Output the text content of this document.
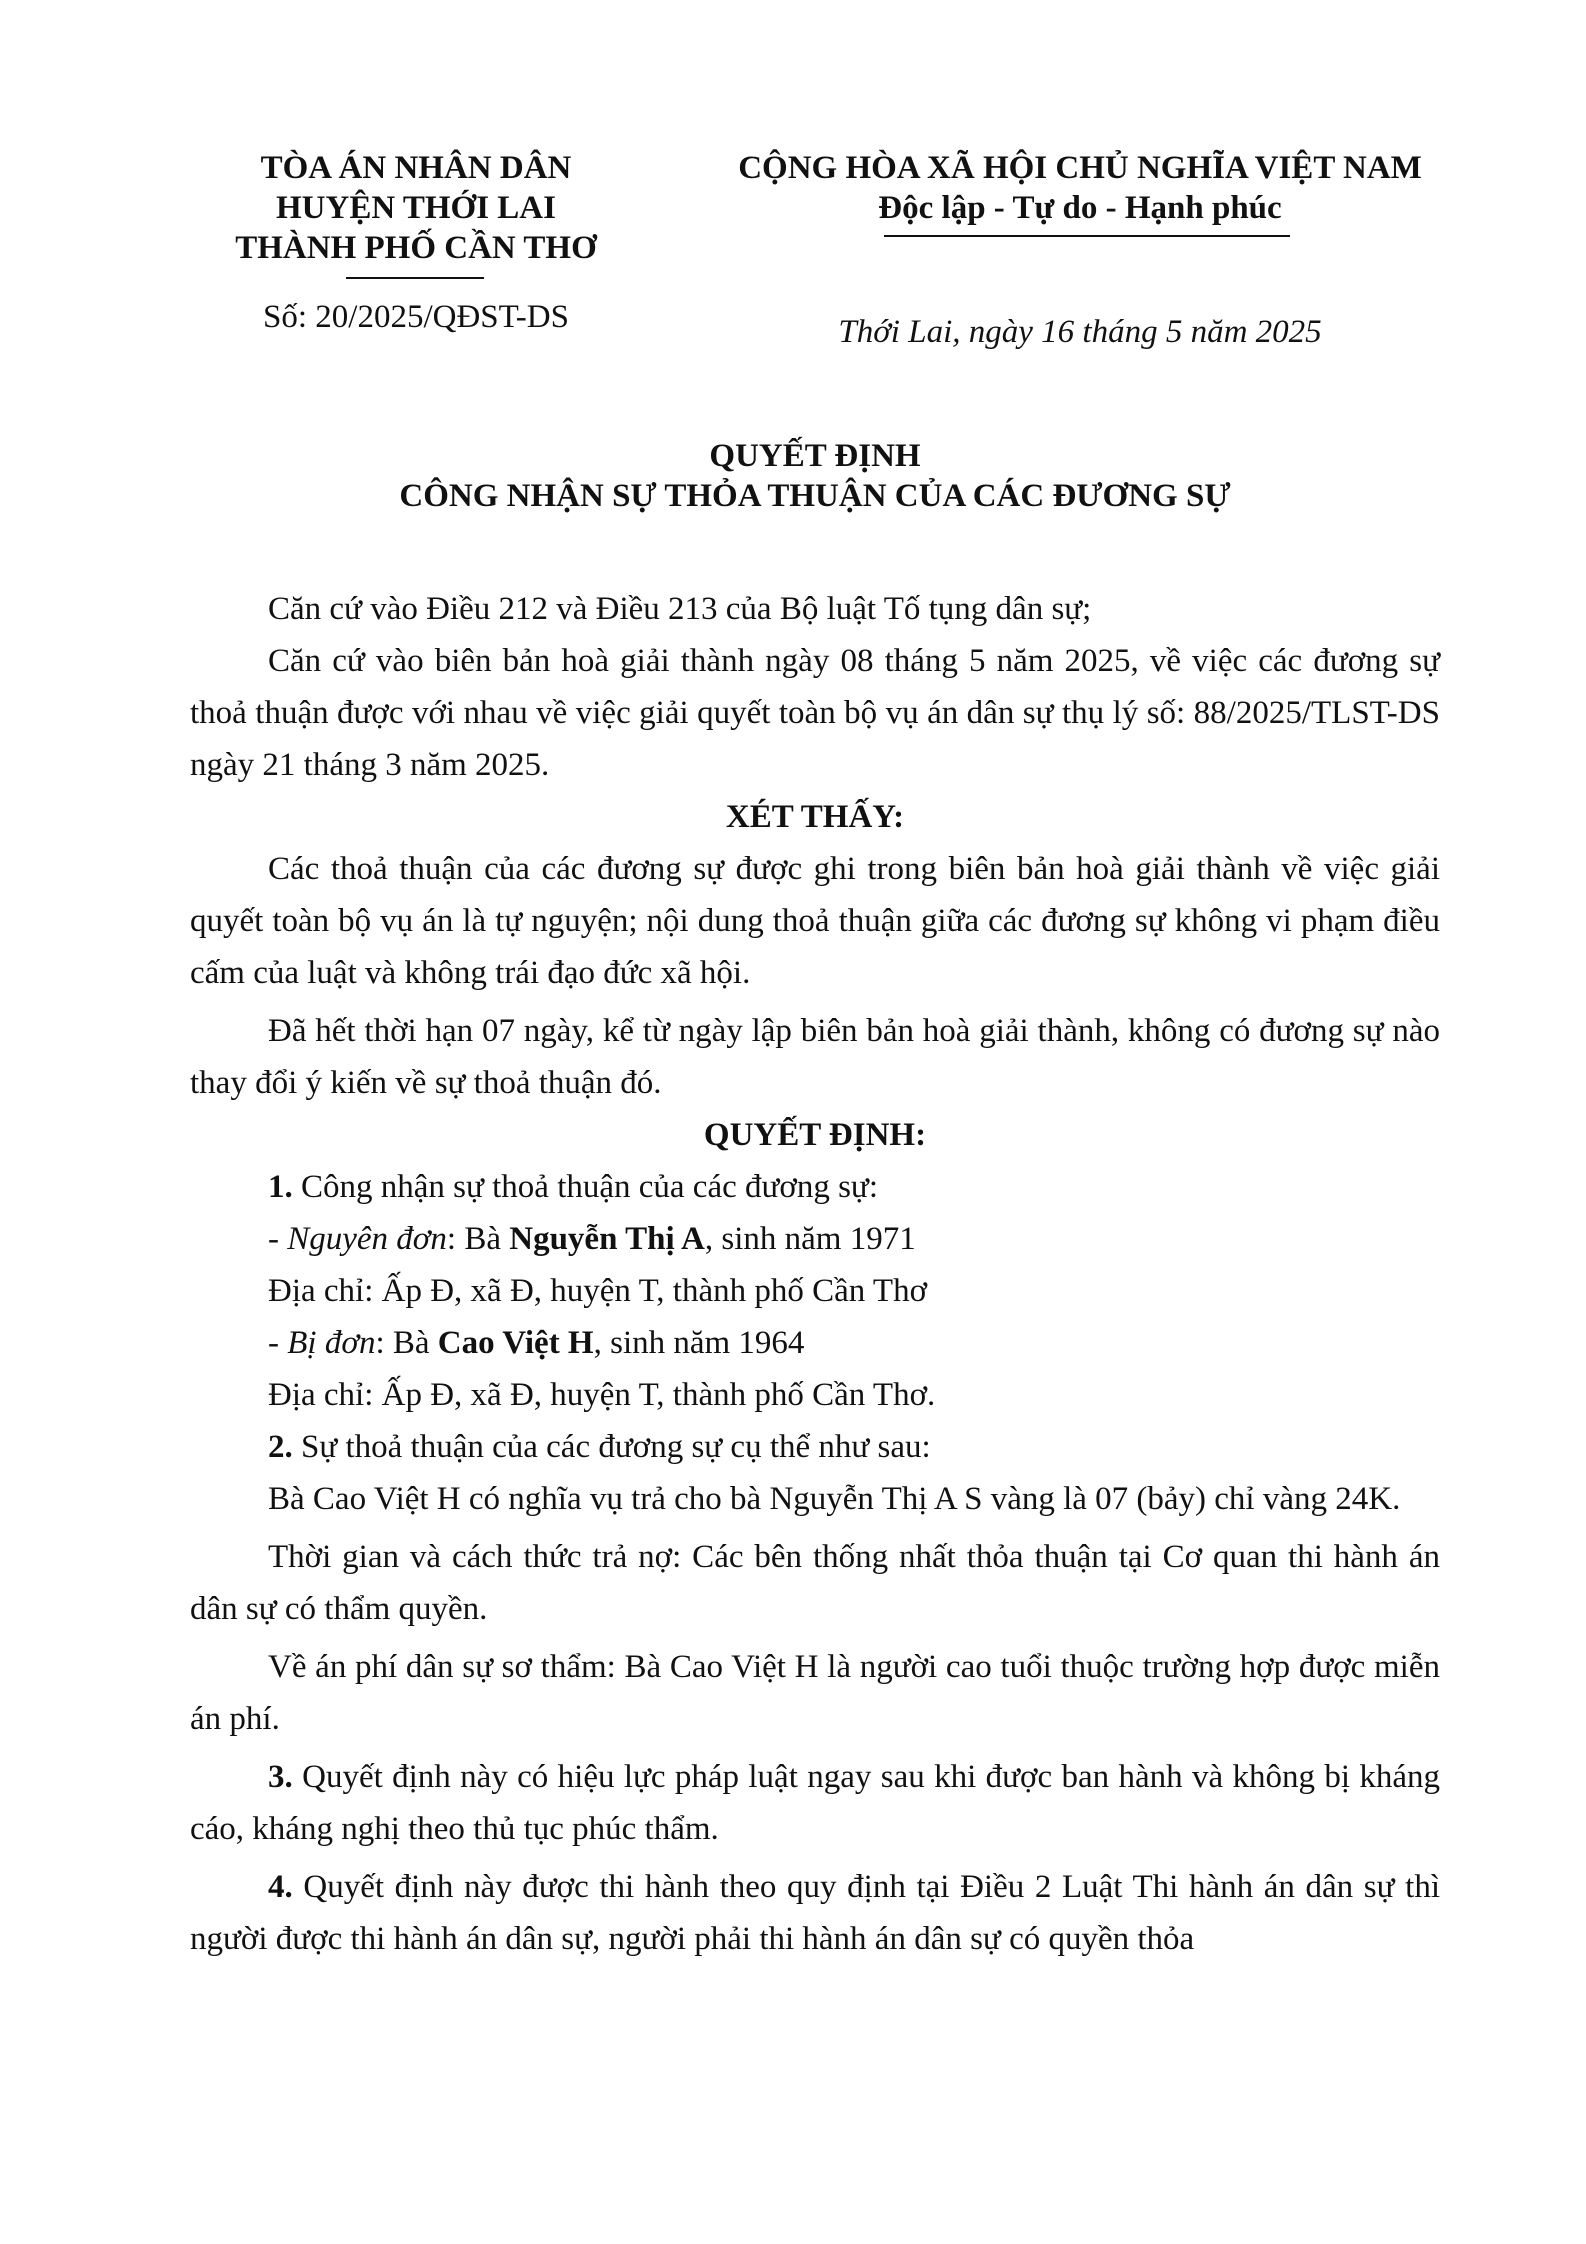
TÒA ÁN NHÂN DÂN
HUYỆN THỚI LAI
THÀNH PHỐ CẦN THƠ
Số: 20/2025/QĐST-DS
CỘNG HÒA XÃ HỘI CHỦ NGHĨA VIỆT NAM
Độc lập - Tự do - Hạnh phúc
Thới Lai, ngày 16 tháng 5 năm 2025
QUYẾT ĐỊNH
CÔNG NHẬN SỰ THỎA THUẬN CỦA CÁC ĐƯƠNG SỰ

Căn cứ vào Điều 212 và Điều 213 của Bộ luật Tố tụng dân sự;

Căn cứ vào biên bản hoà giải thành ngày 08 tháng 5 năm 2025, về việc các đương sự thoả thuận được với nhau về việc giải quyết toàn bộ vụ án dân sự thụ lý số: 88/2025/TLST-DS ngày 21 tháng 3 năm 2025.

XÉT THẤY:

Các thoả thuận của các đương sự được ghi trong biên bản hoà giải thành về việc giải quyết toàn bộ vụ án là tự nguyện; nội dung thoả thuận giữa các đương sự không vi phạm điều cấm của luật và không trái đạo đức xã hội.

Đã hết thời hạn 07 ngày, kể từ ngày lập biên bản hoà giải thành, không có đương sự nào thay đổi ý kiến về sự thoả thuận đó.

QUYẾT ĐỊNH:

1. Công nhận sự thoả thuận của các đương sự:

- Nguyên đơn: Bà Nguyễn Thị A, sinh năm 1971

Địa chỉ: Ấp Đ, xã Đ, huyện T, thành phố Cần Thơ

- Bị đơn: Bà Cao Việt H, sinh năm 1964

Địa chỉ: Ấp Đ, xã Đ, huyện T, thành phố Cần Thơ.

2. Sự thoả thuận của các đương sự cụ thể như sau:

Bà Cao Việt H có nghĩa vụ trả cho bà Nguyễn Thị A S vàng là 07 (bảy) chỉ vàng 24K.

Thời gian và cách thức trả nợ: Các bên thống nhất thỏa thuận tại Cơ quan thi hành án dân sự có thẩm quyền.

Về án phí dân sự sơ thẩm: Bà Cao Việt H là người cao tuổi thuộc trường hợp được miễn án phí.

3. Quyết định này có hiệu lực pháp luật ngay sau khi được ban hành và không bị kháng cáo, kháng nghị theo thủ tục phúc thẩm.

4. Quyết định này được thi hành theo quy định tại Điều 2 Luật Thi hành án dân sự thì người được thi hành án dân sự, người phải thi hành án dân sự có quyền thỏa
